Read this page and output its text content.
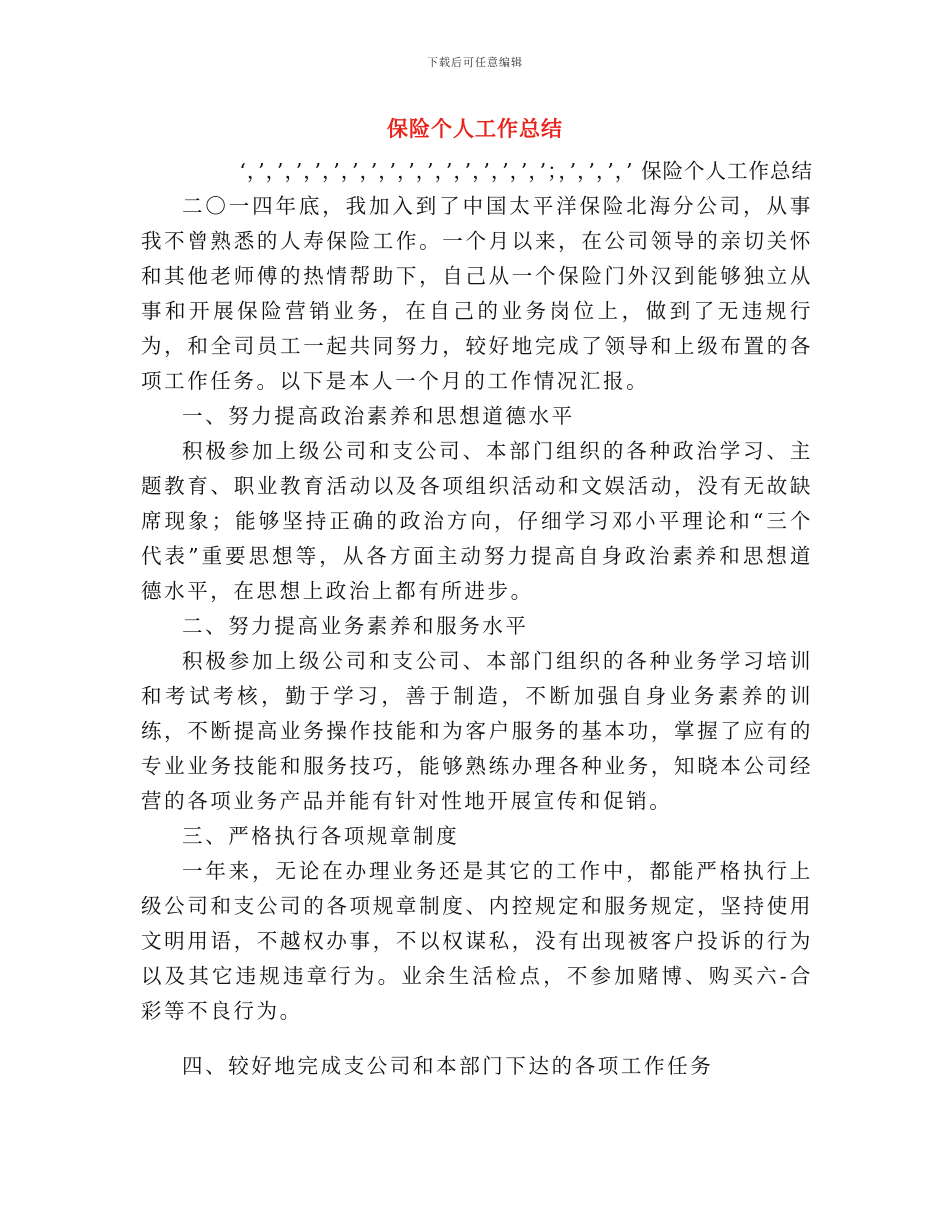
下载后可任意编辑
保险个人工作总结

‘，’，’，’，’，’，’，’，’，’，’，’，’，’，’，’，’；，’，’，’，’ 保险个人工作总结

二〇一四年底，我加入到了中国太平洋保险北海分公司，从事我不曾熟悉的人寿保险工作。一个月以来，在公司领导的亲切关怀和其他老师傅的热情帮助下，自己从一个保险门外汉到能够独立从事和开展保险营销业务，在自己的业务岗位上，做到了无违规行为，和全司员工一起共同努力，较好地完成了领导和上级布置的各项工作任务。以下是本人一个月的工作情况汇报。

一、努力提高政治素养和思想道德水平

积极参加上级公司和支公司、本部门组织的各种政治学习、主题教育、职业教育活动以及各项组织活动和文娱活动，没有无故缺席现象；能够坚持正确的政治方向，仔细学习邓小平理论和“三个代表”重要思想等，从各方面主动努力提高自身政治素养和思想道德水平，在思想上政治上都有所进步。

二、努力提高业务素养和服务水平

积极参加上级公司和支公司、本部门组织的各种业务学习培训和考试考核，勤于学习，善于制造，不断加强自身业务素养的训练，不断提高业务操作技能和为客户服务的基本功，掌握了应有的专业业务技能和服务技巧，能够熟练办理各种业务，知晓本公司经营的各项业务产品并能有针对性地开展宣传和促销。

三、严格执行各项规章制度

一年来，无论在办理业务还是其它的工作中，都能严格执行上级公司和支公司的各项规章制度、内控规定和服务规定，坚持使用文明用语，不越权办事，不以权谋私，没有出现被客户投诉的行为以及其它违规违章行为。业余生活检点，不参加赌博、购买六-合彩等不良行为。

四、较好地完成支公司和本部门下达的各项工作任务
